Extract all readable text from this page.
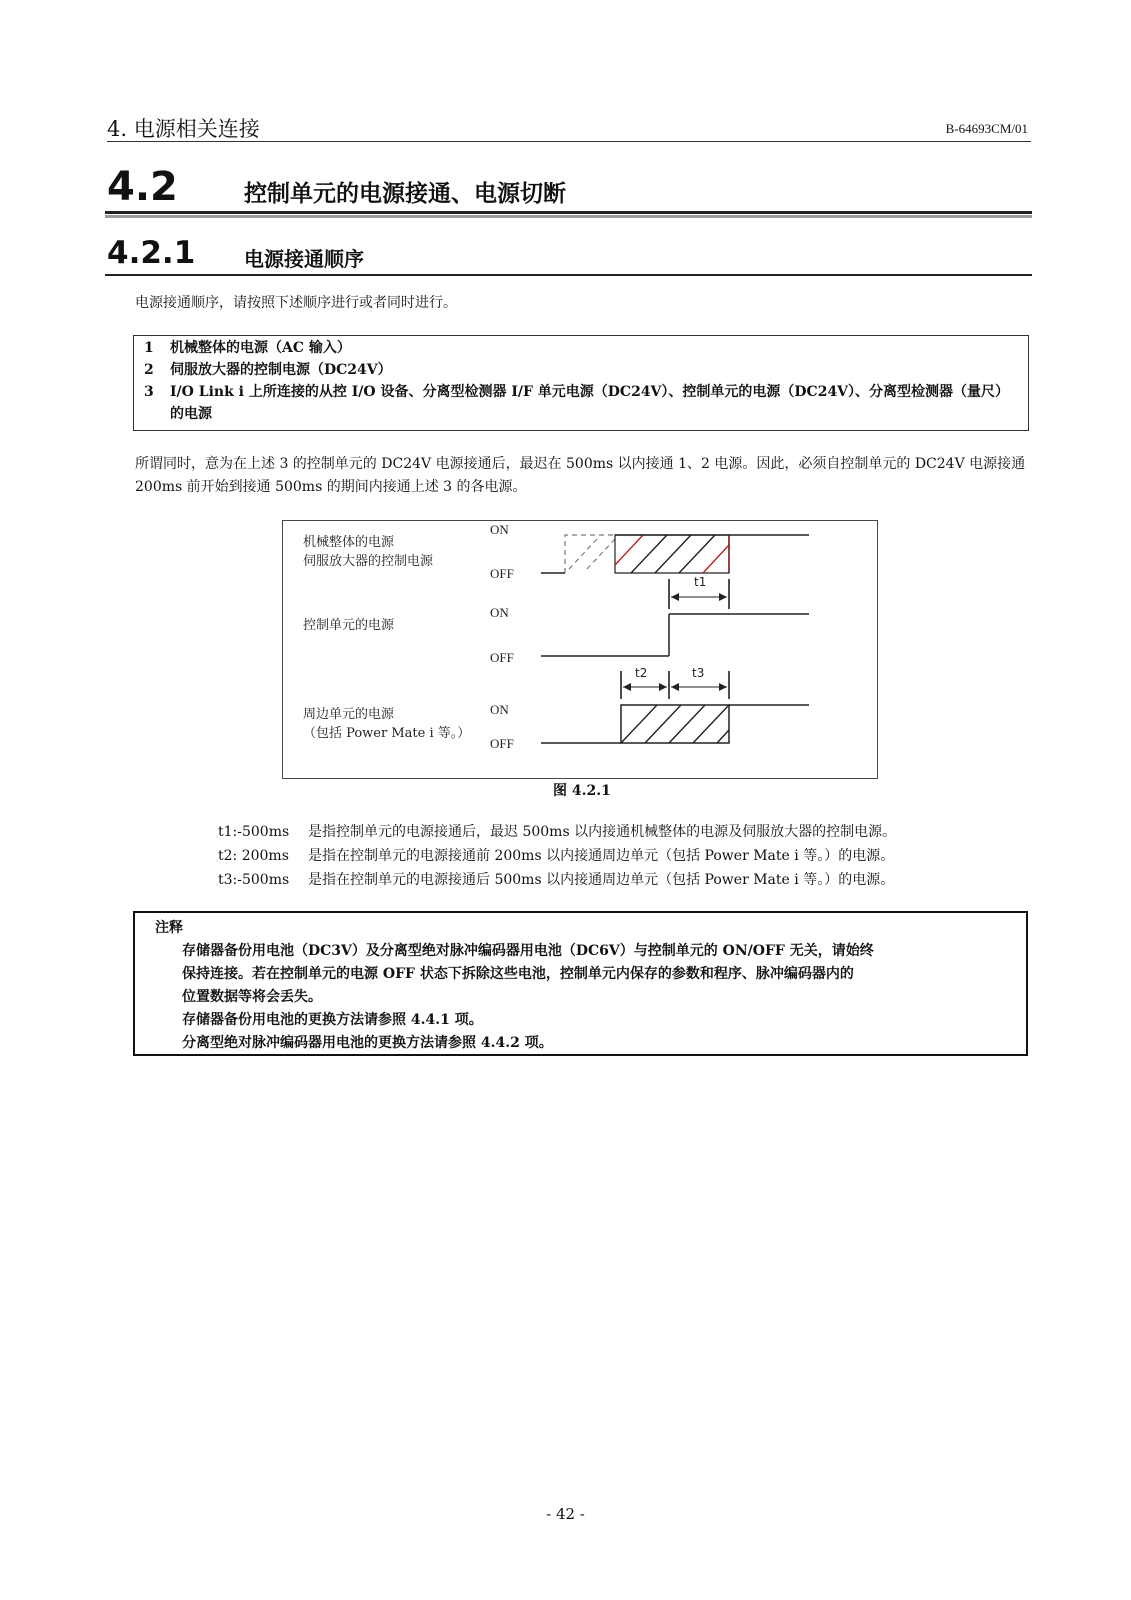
4. 电源相关连接	B-64693CM/01
4.2	控制单元的电源接通、电源切断
4.2.1 电源接通顺序
电源接通顺序，请按照下述顺序进行或者同时进行。
1 机械整体的电源（AC 输入）
2 伺服放大器的控制电源（DC24V）
3 I/O Link i 上所连接的从控 I/O 设备、分离型检测器 I/F 单元电源（DC24V）、控制单元的电源（DC24V）、分离型检测器（量尺）的电源
所谓同时，意为在上述 3 的控制单元的 DC24V 电源接通后，最迟在 500ms 以内接通 1、2 电源。因此，必须自控制单元的 DC24V 电源接通 200ms 前开始到接通 500ms 的期间内接通上述 3 的各电源。
机械整体的电源
伺服放大器的控制电源
控制单元的电源
周边单元的电源
（包括 Power Mate i 等。）
ON
OFF
ON
OFF
ON
OFF
t1
t2	t3
图 4.2.1
t1:-500ms 是指控制单元的电源接通后，最迟 500ms 以内接通机械整体的电源及伺服放大器的控制电源。
t2: 200ms 是指在控制单元的电源接通前 200ms 以内接通周边单元（包括 Power Mate i 等。）的电源。
t3:-500ms 是指在控制单元的电源接通后 500ms 以内接通周边单元（包括 Power Mate i 等。）的电源。
注释
存储器备份用电池（DC3V）及分离型绝对脉冲编码器用电池（DC6V）与控制单元的 ON/OFF 无关，请始终
保持连接。若在控制单元的电源 OFF 状态下拆除这些电池，控制单元内保存的参数和程序、脉冲编码器内的
位置数据等将会丢失。
存储器备份用电池的更换方法请参照 4.4.1 项。
分离型绝对脉冲编码器用电池的更换方法请参照 4.4.2 项。
- 42 -
